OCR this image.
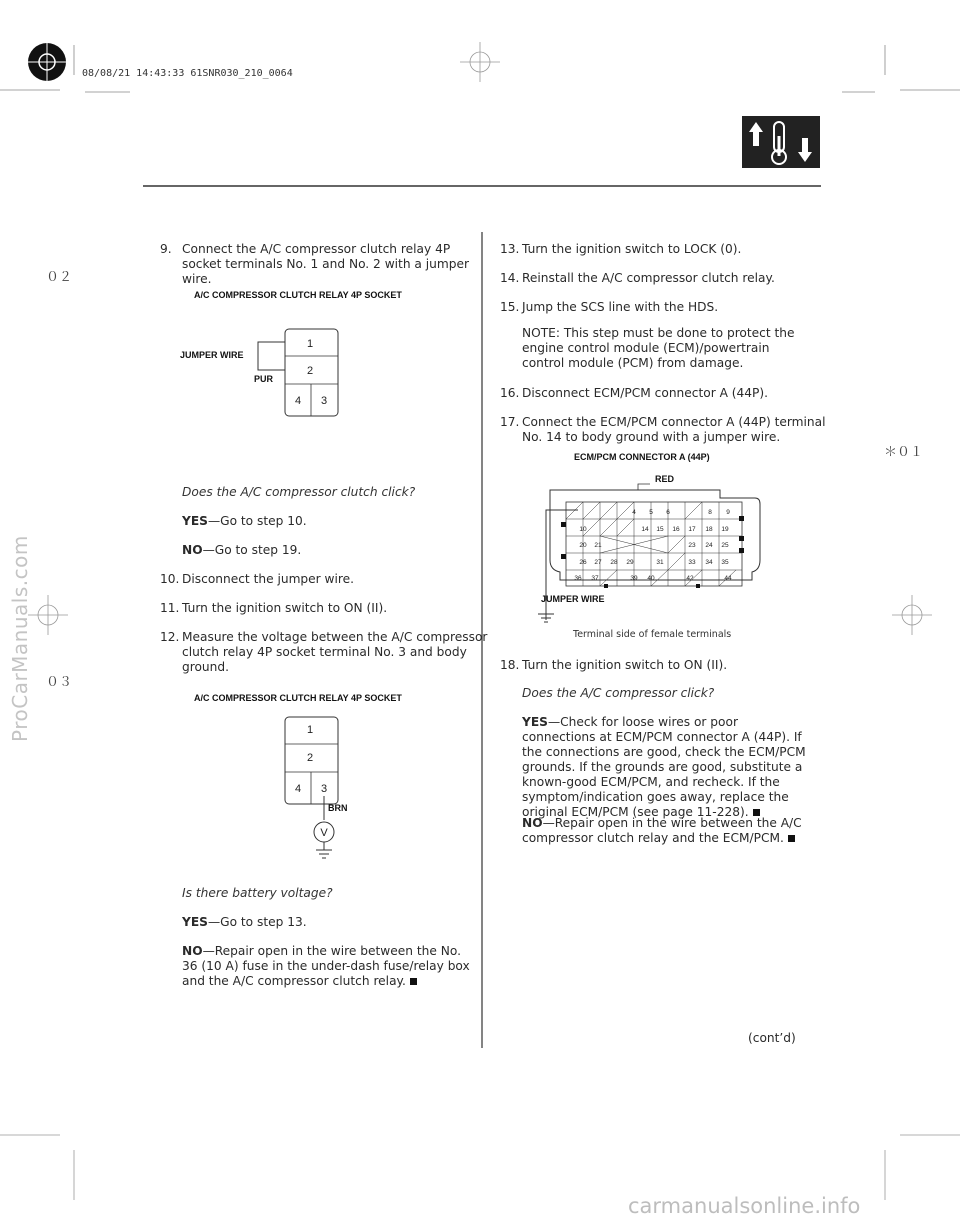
08/08/21 14:43:33 61SNR030_210_0064
０２
＊０１
０３
ProCarManuals.com
9. Connect the A/C compressor clutch relay 4P socket terminals No. 1 and No. 2 with a jumper wire.
A/C COMPRESSOR CLUTCH RELAY 4P SOCKET
1
2
4 3
JUMPER WIRE
PUR
Does the A/C compressor clutch click?
YES—Go to step 10.
NO—Go to step 19.
10. Disconnect the jumper wire.
11. Turn the ignition switch to ON (II).
12. Measure the voltage between the A/C compressor clutch relay 4P socket terminal No. 3 and body ground.
A/C COMPRESSOR CLUTCH RELAY 4P SOCKET
1
2
4 3
V
BRN
Is there battery voltage?
YES—Go to step 13.
NO—Repair open in the wire between the No. 36 (10 A) fuse in the under-dash fuse/relay box and the A/C compressor clutch relay.
13. Turn the ignition switch to LOCK (0).
14. Reinstall the A/C compressor clutch relay.
15. Jump the SCS line with the HDS.
NOTE: This step must be done to protect the engine control module (ECM)/powertrain control module (PCM) from damage.
16. Disconnect ECM/PCM connector A (44P).
17. Connect the ECM/PCM connector A (44P) terminal No. 14 to body ground with a jumper wire.
ECM/PCM CONNECTOR A (44P)
RED
4 5 6	8 9
10	14 15 16 17 18 19
20 21	23 24 25
26 27 28 29	31	33 34 35
36 37	39 40	42	44
JUMPER WIRE
Terminal side of female terminals
18. Turn the ignition switch to ON (II).
Does the A/C compressor click?
YES—Check for loose wires or poor connections at ECM/PCM connector A (44P). If the connections are good, check the ECM/PCM grounds. If the grounds are good, substitute a known-good ECM/PCM, and recheck. If the symptom/indication goes away, replace the original ECM/PCM (see page 11-228).
NO—Repair open in the wire between the A/C compressor clutch relay and the ECM/PCM.
(cont’d)
carmanualsonline.info
